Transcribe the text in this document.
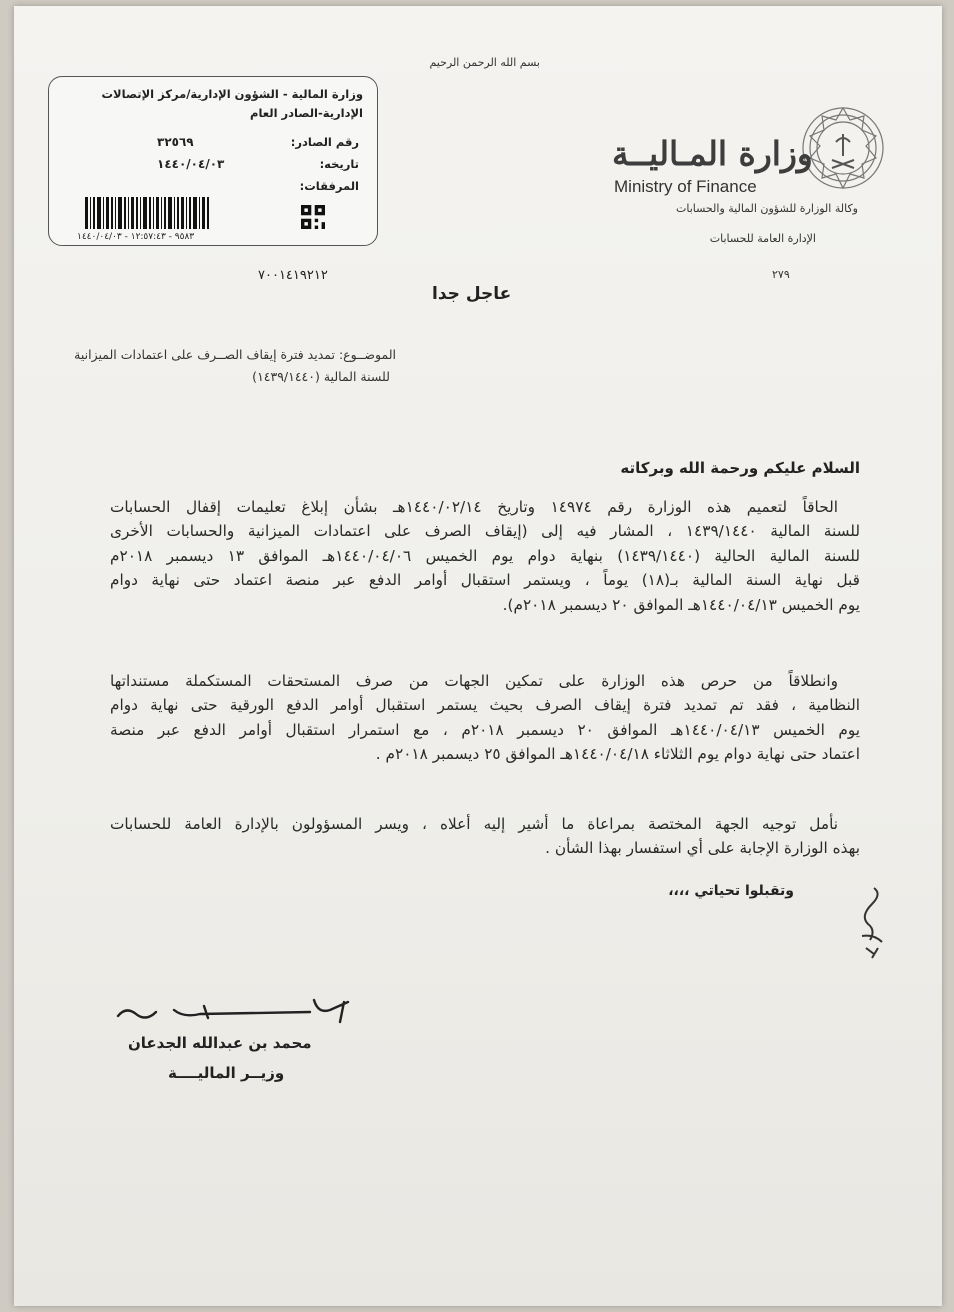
بسم الله الرحمن الرحيم
وزارة المالية - الشؤون الإدارية/مركز الإتصالات
الإدارية-الصادر العام
رقم الصادر:
٣٢٥٦٩
تاريخه:
١٤٤٠/٠٤/٠٣
المرفقات:
٩٥٨٣ - ١٢:٥٧:٤٣ - ١٤٤٠/٠٤/٠٣
وزارة المـاليــة
Ministry of Finance
وكالة الوزارة للشؤون المالية والحسابات
الإدارة العامة للحسابات
٧٠٠١٤١٩٢١٢	٢٧٩
عاجل جدا
الموضــوع: تمديد فترة إيقاف الصــرف على اعتمادات الميزانية
للسنة المالية (١٤٣٩/١٤٤٠)
السلام عليكم ورحمة الله وبركاته
الحاقاً لتعميم هذه الوزارة رقم ١٤٩٧٤ وتاريخ ١٤٤٠/٠٢/١٤هـ بشأن إبلاغ تعليمات إقفال الحسابات
للسنة المالية ١٤٣٩/١٤٤٠ ، المشار فيه إلى (إيقاف الصرف على اعتمادات الميزانية والحسابات الأخرى
للسنة المالية الحالية (١٤٣٩/١٤٤٠) بنهاية دوام يوم الخميس ١٤٤٠/٠٤/٠٦هـ الموافق ١٣ ديسمبر ٢٠١٨م
قبل نهاية السنة المالية بـ(١٨) يوماً ، ويستمر استقبال أوامر الدفع عبر منصة اعتماد حتى نهاية دوام
يوم الخميس ١٤٤٠/٠٤/١٣هـ الموافق ٢٠ ديسمبر ٢٠١٨م).
وانطلاقاً من حرص هذه الوزارة على تمكين الجهات من صرف المستحقات المستكملة مستنداتها
النظامية ، فقد تم تمديد فترة إيقاف الصرف بحيث يستمر استقبال أوامر الدفع الورقية حتى نهاية دوام
يوم الخميس ١٤٤٠/٠٤/١٣هـ الموافق ٢٠ ديسمبر ٢٠١٨م ، مع استمرار استقبال أوامر الدفع عبر منصة
اعتماد حتى نهاية دوام يوم الثلاثاء ١٤٤٠/٠٤/١٨هـ الموافق ٢٥ ديسمبر ٢٠١٨م .
نأمل توجيه الجهة المختصة بمراعاة ما أشير إليه أعلاه ، ويسر المسؤولون بالإدارة العامة للحسابات
بهذه الوزارة الإجابة على أي استفسار بهذا الشأن .
وتقبلوا تحياتي ،،،،
محمد بن عبدالله الجدعان
وزيــر الماليــــة
